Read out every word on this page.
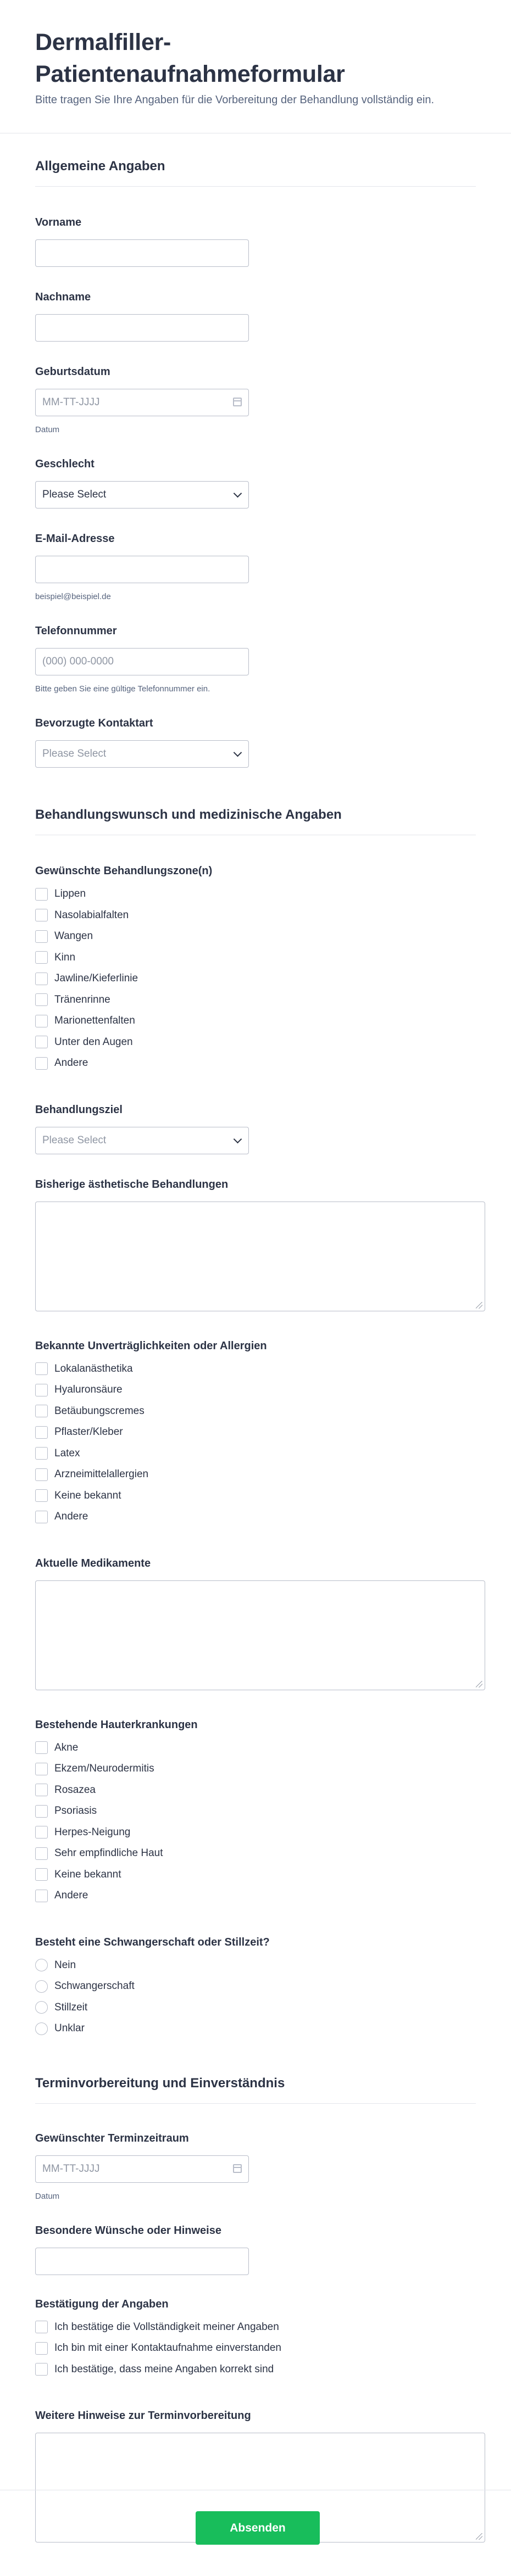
Dermalfiller-Patientenaufnahmeformular

Bitte tragen Sie Ihre Angaben für die Vorbereitung der Behandlung vollständig ein.

Allgemeine Angaben
Vorname
Nachname
Geburtsdatum
MM-TT-JJJJ
Datum
Geschlecht
Please Select
E-Mail-Adresse
beispiel@beispiel.de
Telefonnummer
(000) 000-0000
Bitte geben Sie eine gültige Telefonnummer ein.
Bevorzugte Kontaktart
Please Select
Behandlungswunsch und medizinische Angaben
Gewünschte Behandlungszone(n)
Lippen
Nasolabialfalten
Wangen
Kinn
Jawline/Kieferlinie
Tränenrinne
Marionettenfalten
Unter den Augen
Andere
Behandlungsziel
Please Select
Bisherige ästhetische Behandlungen
Bekannte Unverträglichkeiten oder Allergien
Lokalanästhetika
Hyaluronsäure
Betäubungscremes
Pflaster/Kleber
Latex
Arzneimittelallergien
Keine bekannt
Andere
Aktuelle Medikamente
Bestehende Hauterkrankungen
Akne
Ekzem/Neurodermitis
Rosazea
Psoriasis
Herpes-Neigung
Sehr empfindliche Haut
Keine bekannt
Andere
Besteht eine Schwangerschaft oder Stillzeit?
Nein
Schwangerschaft
Stillzeit
Unklar
Terminvorbereitung und Einverständnis
Gewünschter Terminzeitraum
MM-TT-JJJJ
Datum
Besondere Wünsche oder Hinweise
Bestätigung der Angaben
Ich bestätige die Vollständigkeit meiner Angaben
Ich bin mit einer Kontaktaufnahme einverstanden
Ich bestätige, dass meine Angaben korrekt sind
Weitere Hinweise zur Terminvorbereitung
Absenden
